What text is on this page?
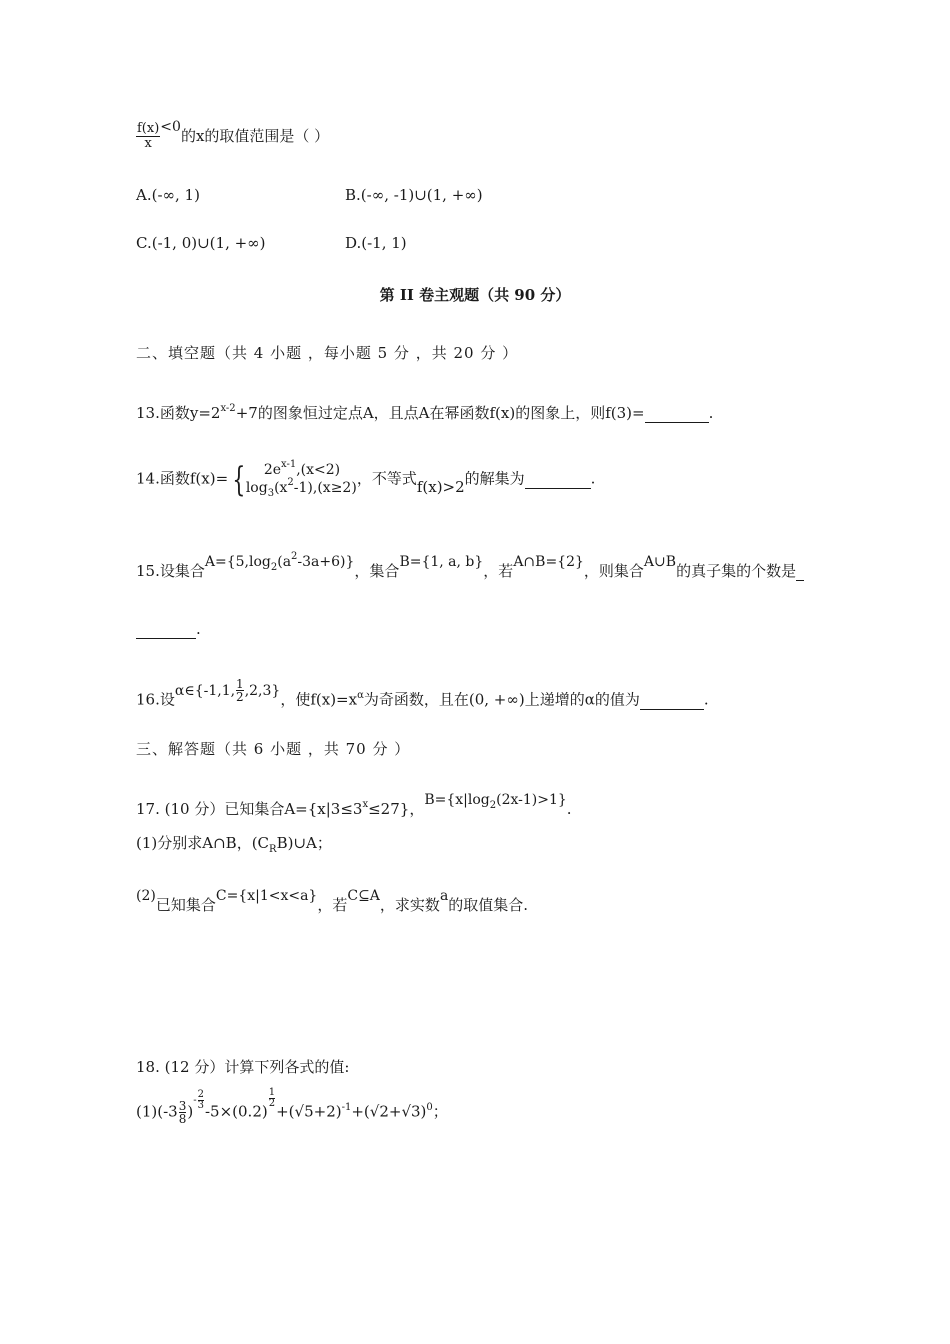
$\frac{f(x)}{x} <0$的x的取值范围是（ ）
A.(-∞, 1)	B.(-∞, -1)∪(1, +∞)
C.(-1, 0)∪(1, +∞)	D.(-1, 1)
第 II 卷主观题（共 90 分）
二、填空题（共 4 小题 ，每小题 5 分 ，共 20 分 ）
13.函数$y=2^{x-2}+7$的图象恒过定点A，且点A在幂函数f(x)的图象上，则f(3)=	.
14.函数f(x)= {	$2e^{x-1},(x<2)$
$\log_3(x^2-1),(x\ge 2)$ ，不等式f(x)>2的解集为	.
15.设集合$A=\{5,\log_2(a^2-3a+6)\}$，集合B={1, a, b}，若A∩B={2}，则集合A∪B的真子集的个数是
.
16.设α∈{-1,1, $\frac{1}{2} ,2,3$}，使$f(x)=x^\alpha$为奇函数，且在(0, +∞)上递增的α的值为	.
三、解答题（共 6 小题 ，共 70 分 ）
17. (10 分）已知集合$A=\{x|3\le 3^x\le 27\}$，$B=\{x|\log_2(2x-1)>1\}$.
(1)分别求A∩B，$(C_RB)\cup A$；
(2)已知集合C={x|1<x<a}，若C⊆A，求实数a的取值集合.
18. (12 分）计算下列各式的值:
$(1)(-3 \frac{3}{8}$ )- $\frac{2}{3}$
-5×(0.2)
$\frac{1}{2}$
$+(√5+2)^{-1}+(√2+√3)^0$；
